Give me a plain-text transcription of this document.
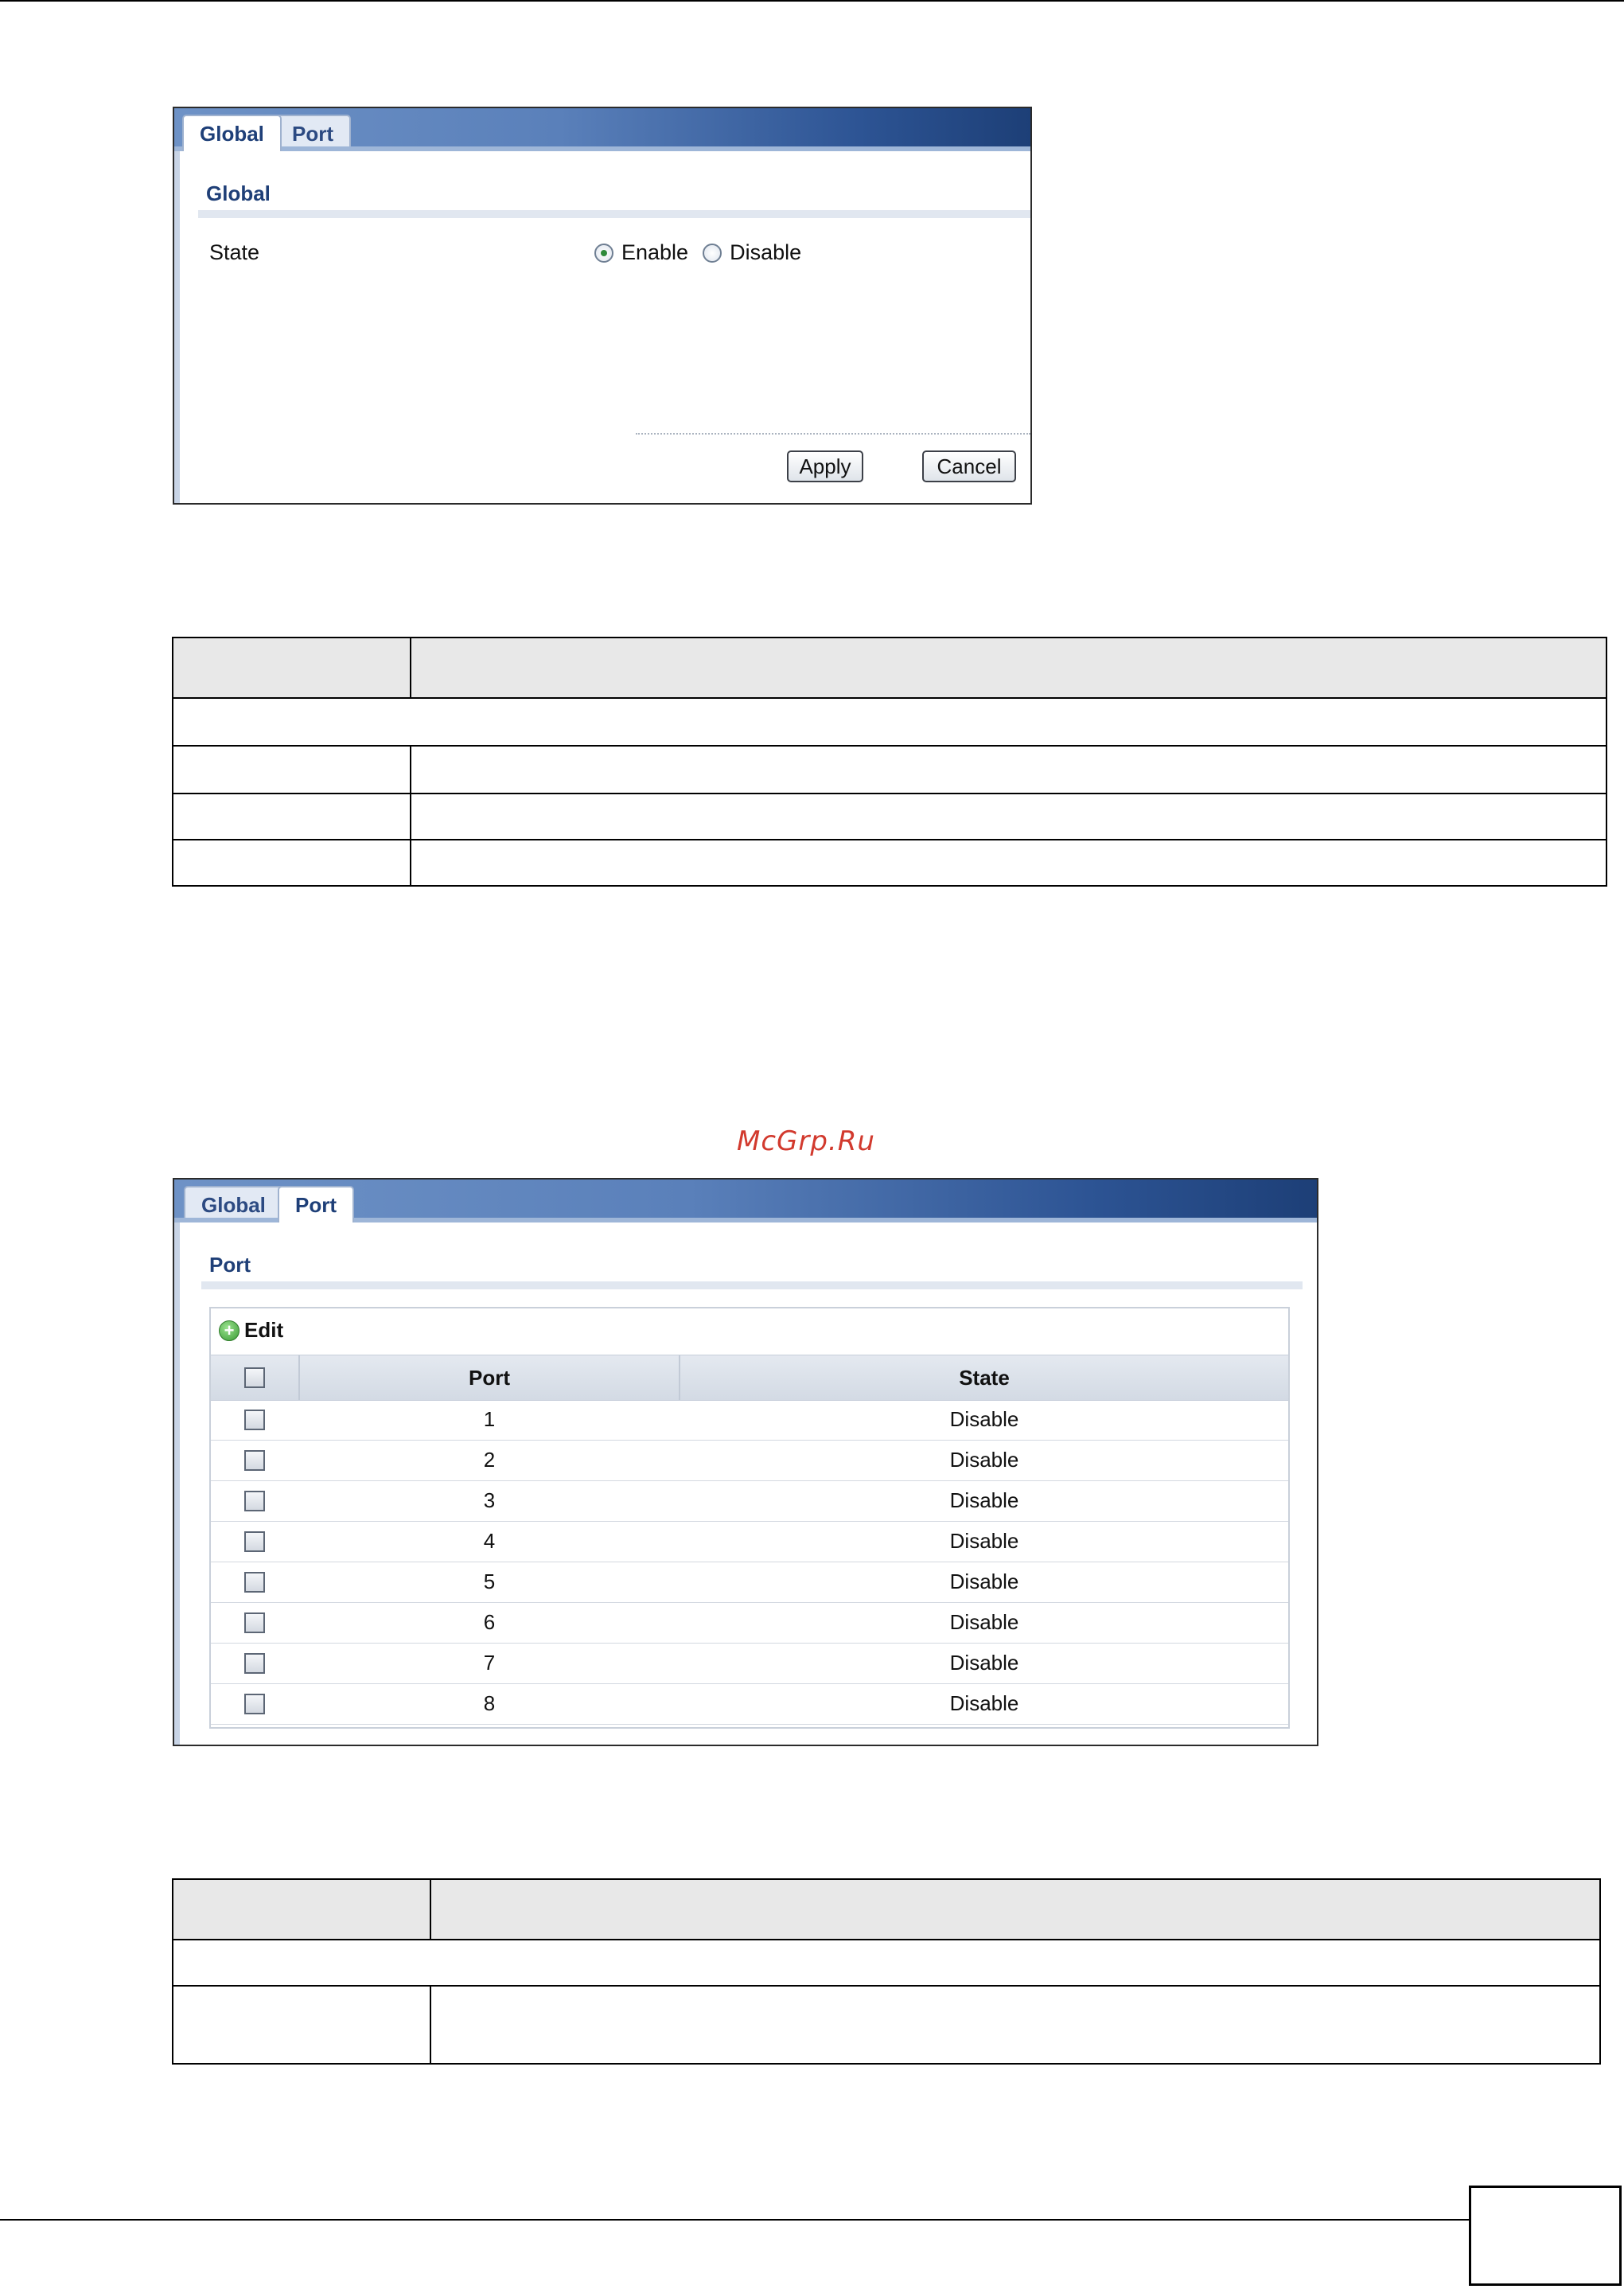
Global	Port
Global
State	Enable Disable
Apply	Cancel
McGrp.Ru
Global	Port
Port
+ Edit
Port	State
1	Disable
2	Disable
3	Disable
4	Disable
5	Disable
6	Disable
7	Disable
8	Disable
